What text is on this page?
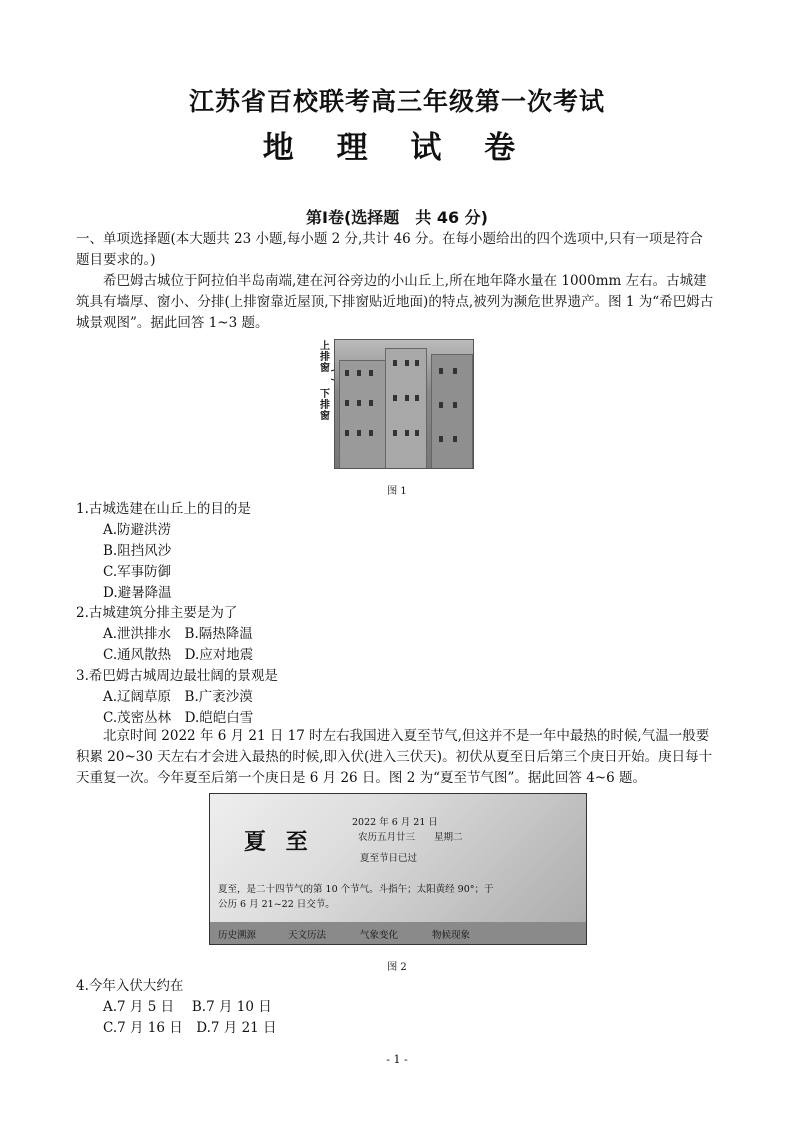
江苏省百校联考高三年级第一次考试
地 理 试 卷
第Ⅰ卷(选择题　共 46 分)
一、单项选择题(本大题共 23 小题,每小题 2 分,共计 46 分。在每小题给出的四个选项中,只有一项是符合题目要求的。)
希巴姆古城位于阿拉伯半岛南端,建在河谷旁边的小山丘上,所在地年降水量在 1000mm 左右。古城建筑具有墙厚、窗小、分排(上排窗靠近屋顶,下排窗贴近地面)的特点,被列为濒危世界遗产。图 1 为“希巴姆古城景观图”。据此回答 1~3 题。
上排窗
下排窗
图 1
1.古城选建在山丘上的目的是
A.防避洪涝
B.阻挡风沙
C.军事防御
D.避暑降温
2.古城建筑分排主要是为了
A.泄洪排水　B.隔热降温
C.通风散热　D.应对地震
3.希巴姆古城周边最壮阔的景观是
A.辽阔草原　B.广袤沙漠
C.茂密丛林　D.皑皑白雪
北京时间 2022 年 6 月 21 日 17 时左右我国进入夏至节气,但这并不是一年中最热的时候,气温一般要积累 20~30 天左右才会进入最热的时候,即入伏(进入三伏天)。初伏从夏至日后第三个庚日开始。庚日每十天重复一次。今年夏至后第一个庚日是 6 月 26 日。图 2 为“夏至节气图”。据此回答 4~6 题。
夏 至
2022 年 6 月 21 日
农历五月廿三 星期二
夏至节日已过
夏至，是二十四节气的第 10 个节气。斗指午；太阳黄经 90°；于
公历 6 月 21~22 日交节。
历史溯源	天文历法	气象变化	物候现象
图 2
4.今年入伏大约在
A.7 月 5 日　 B.7 月 10 日
C.7 月 16 日　D.7 月 21 日
- 1 -
